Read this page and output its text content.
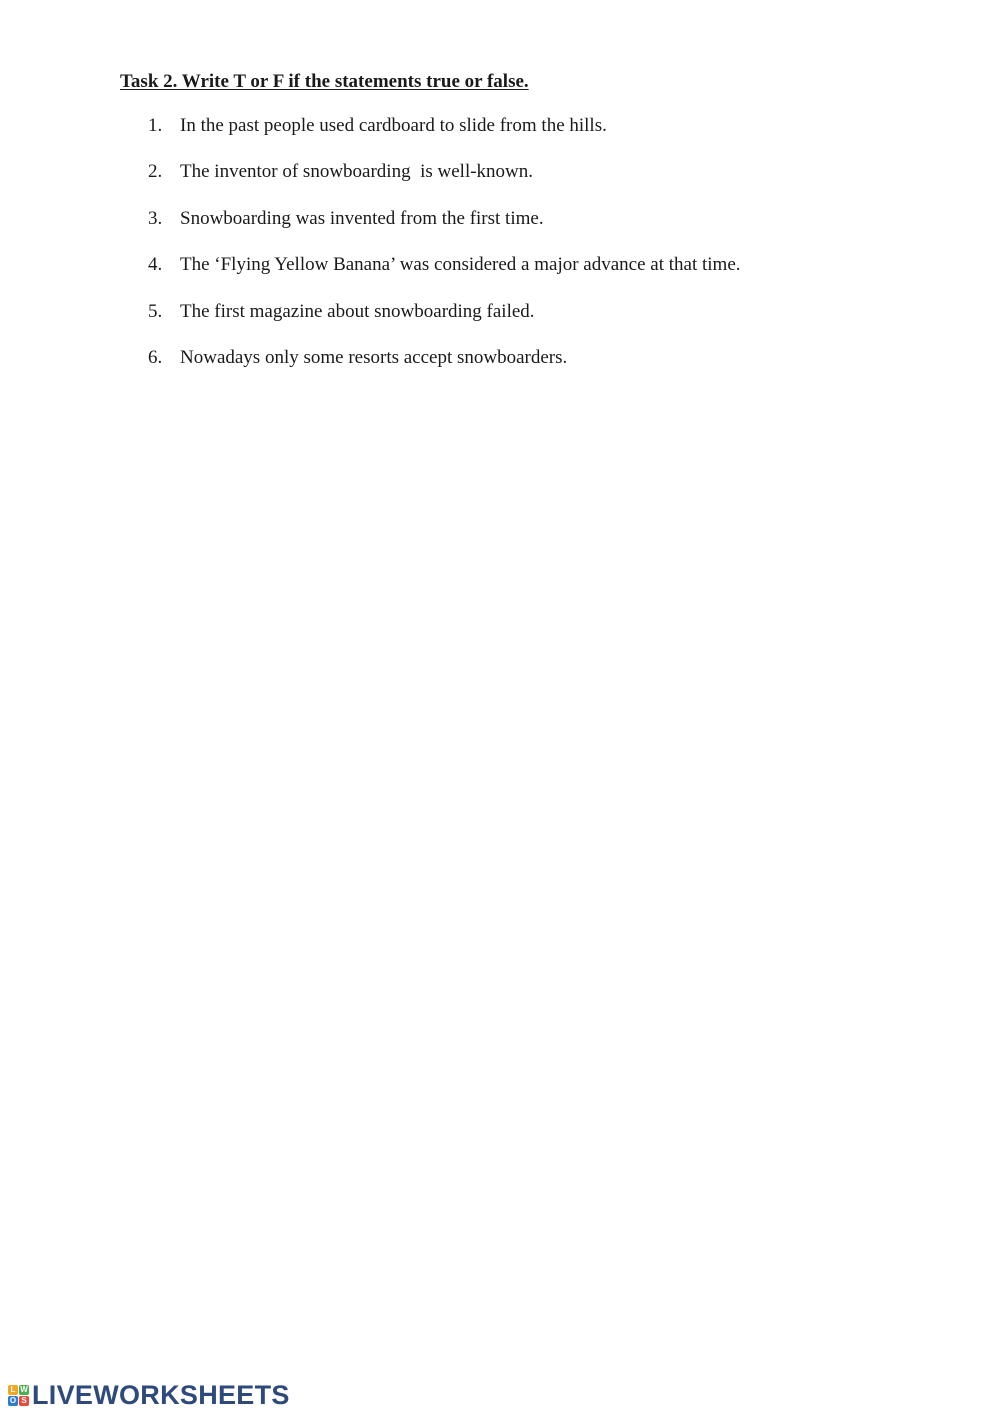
Task 2. Write T or F if the statements true or false.

1.

In the past people used cardboard to slide from the hills.

2.

The inventor of snowboarding  is well-known.

3.

Snowboarding was invented from the first time.

4.

The ‘Flying Yellow Banana’ was considered a major advance at that time.

5.

The first magazine about snowboarding failed.

6.

Nowadays only some resorts accept snowboarders.

L W
O S LIVEWORKSHEETS
